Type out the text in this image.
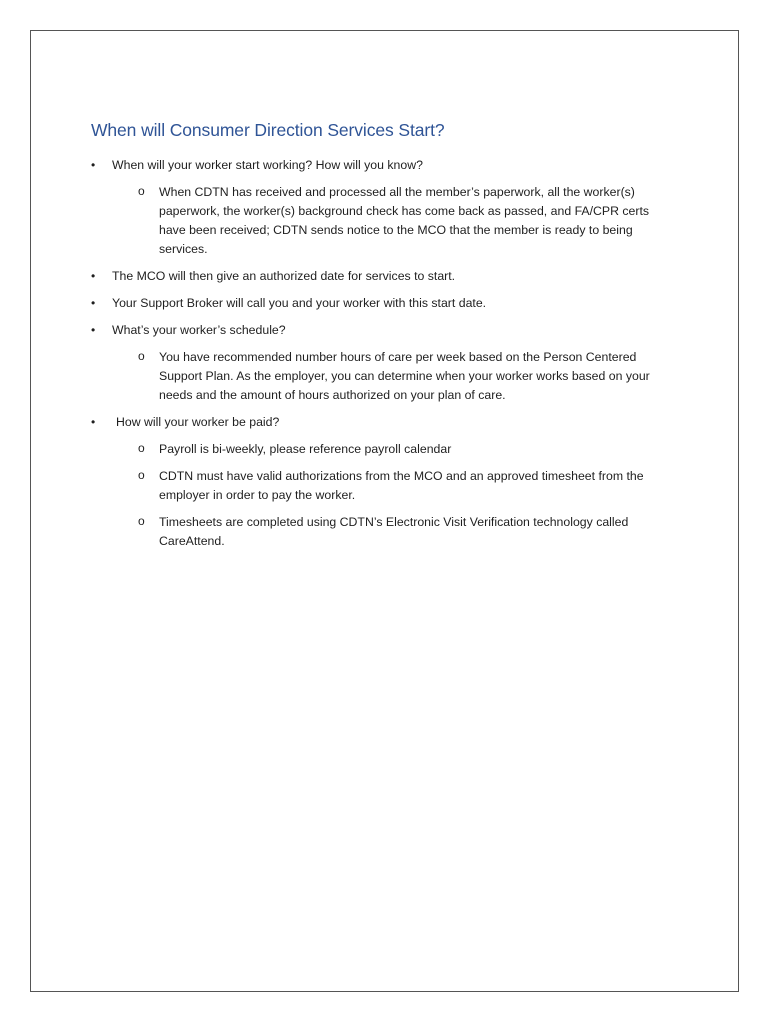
When will Consumer Direction Services Start?
• When will your worker start working? How will you know?
o When CDTN has received and processed all the member’s paperwork, all the worker(s) paperwork, the worker(s) background check has come back as passed, and FA/CPR certs have been received; CDTN sends notice to the MCO that the member is ready to being services.
• The MCO will then give an authorized date for services to start.
• Your Support Broker will call you and your worker with this start date.
• What’s your worker’s schedule?
o You have recommended number hours of care per week based on the Person Centered Support Plan. As the employer, you can determine when your worker works based on your needs and the amount of hours authorized on your plan of care.
• How will your worker be paid?
o Payroll is bi-weekly, please reference payroll calendar
o CDTN must have valid authorizations from the MCO and an approved timesheet from the employer in order to pay the worker.
o Timesheets are completed using CDTN’s Electronic Visit Verification technology called CareAttend.
